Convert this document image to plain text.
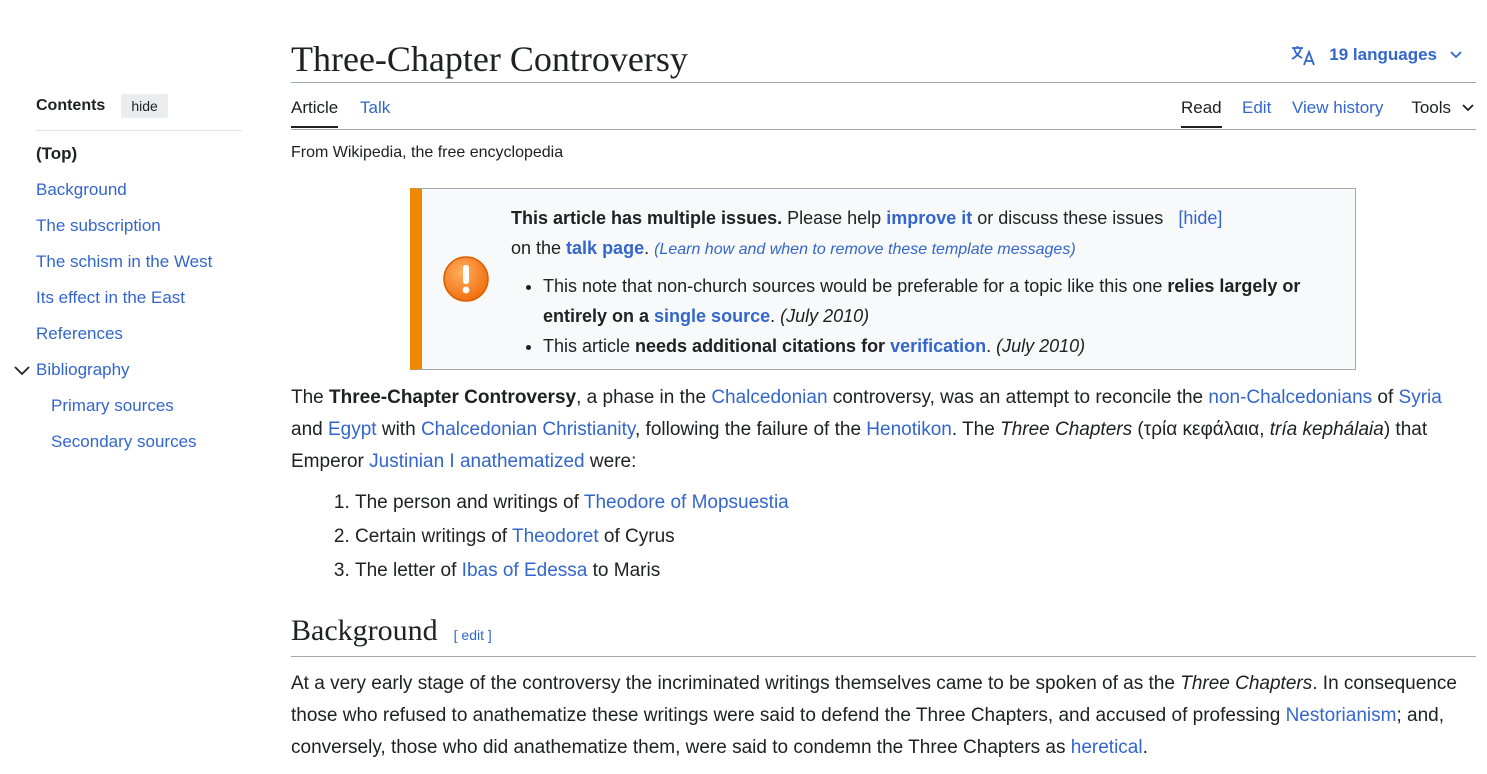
Contents	hide
(Top)
Background
The subscription
The schism in the West
Its effect in the East
References
Bibliography
Primary sources
Secondary sources
Three-Chapter Controversy	19 languages
Article Talk	Read Edit View history Tools
From Wikipedia, the free encyclopedia
This article has multiple issues. Please help improve it or discuss these issues   [hide]
on the talk page. (Learn how and when to remove these template messages)
• This note that non-church sources would be preferable for a topic like this one relies largely or entirely on a single source. (July 2010)
• This article needs additional citations for verification. (July 2010)

The Three-Chapter Controversy, a phase in the Chalcedonian controversy, was an attempt to reconcile the non-Chalcedonians of Syria and Egypt with Chalcedonian Christianity, following the failure of the Henotikon. The Three Chapters (τρία κεφάλαια, tría kephálaia) that Emperor Justinian I anathematized were:

1. The person and writings of Theodore of Mopsuestia
2. Certain writings of Theodoret of Cyrus
3. The letter of Ibas of Edessa to Maris
Background [ edit ]

At a very early stage of the controversy the incriminated writings themselves came to be spoken of as the Three Chapters. In consequence those who refused to anathematize these writings were said to defend the Three Chapters, and accused of professing Nestorianism; and, conversely, those who did anathematize them, were said to condemn the Three Chapters as heretical.
